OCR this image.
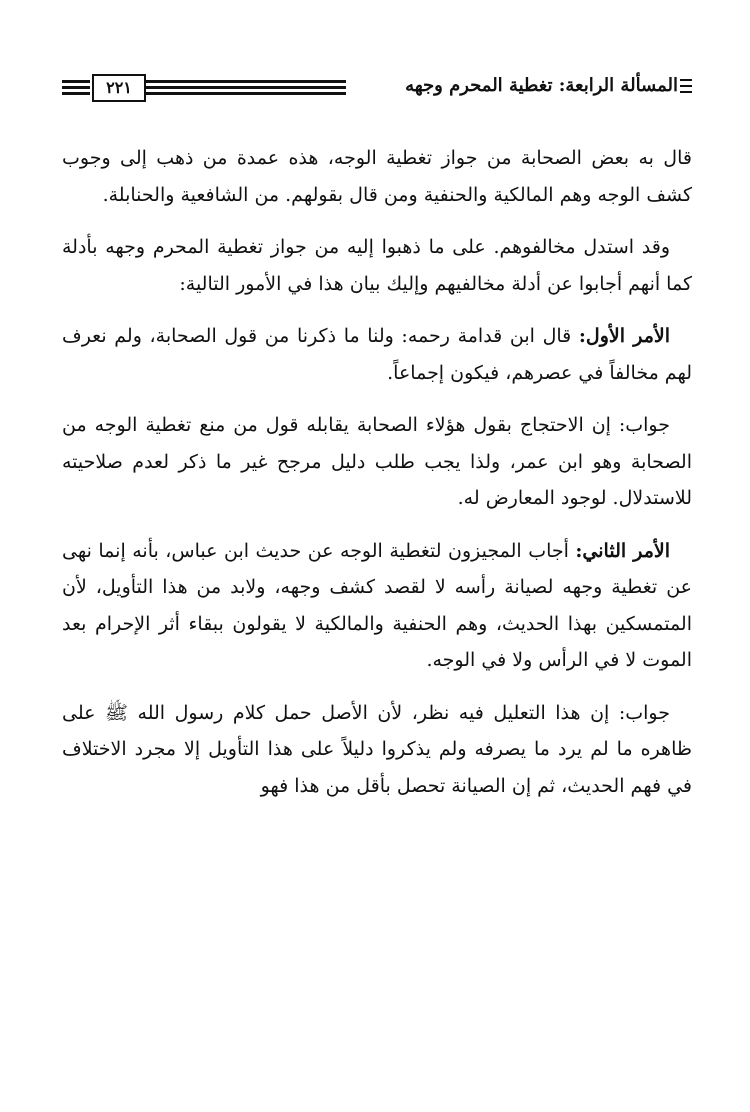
٢٢١	المسألة الرابعة: تغطية المحرم وجهه

قال به بعض الصحابة من جواز تغطية الوجه، هذه عمدة من ذهب إلى وجوب كشف الوجه وهم المالكية والحنفية ومن قال بقولهم. من الشافعية والحنابلة.

وقد استدل مخالفوهم. على ما ذهبوا إليه من جواز تغطية المحرم وجهه بأدلة كما أنهم أجابوا عن أدلة مخالفيهم وإليك بيان هذا في الأمور التالية:

الأمر الأول: قال ابن قدامة رحمه: ولنا ما ذكرنا من قول الصحابة، ولم نعرف لهم مخالفاً في عصرهم، فيكون إجماعاً.

جواب: إن الاحتجاج بقول هؤلاء الصحابة يقابله قول من منع تغطية الوجه من الصحابة وهو ابن عمر، ولذا يجب طلب دليل مرجح غير ما ذكر لعدم صلاحيته للاستدلال. لوجود المعارض له.

الأمر الثاني: أجاب المجيزون لتغطية الوجه عن حديث ابن عباس، بأنه إنما نهى عن تغطية وجهه لصيانة رأسه لا لقصد كشف وجهه، ولابد من هذا التأويل، لأن المتمسكين بهذا الحديث، وهم الحنفية والمالكية لا يقولون ببقاء أثر الإحرام بعد الموت لا في الرأس ولا في الوجه.

جواب: إن هذا التعليل فيه نظر، لأن الأصل حمل كلام رسول الله ﷺ على ظاهره ما لم يرد ما يصرفه ولم يذكروا دليلاً على هذا التأويل إلا مجرد الاختلاف في فهم الحديث، ثم إن الصيانة تحصل بأقل من هذا فهو
